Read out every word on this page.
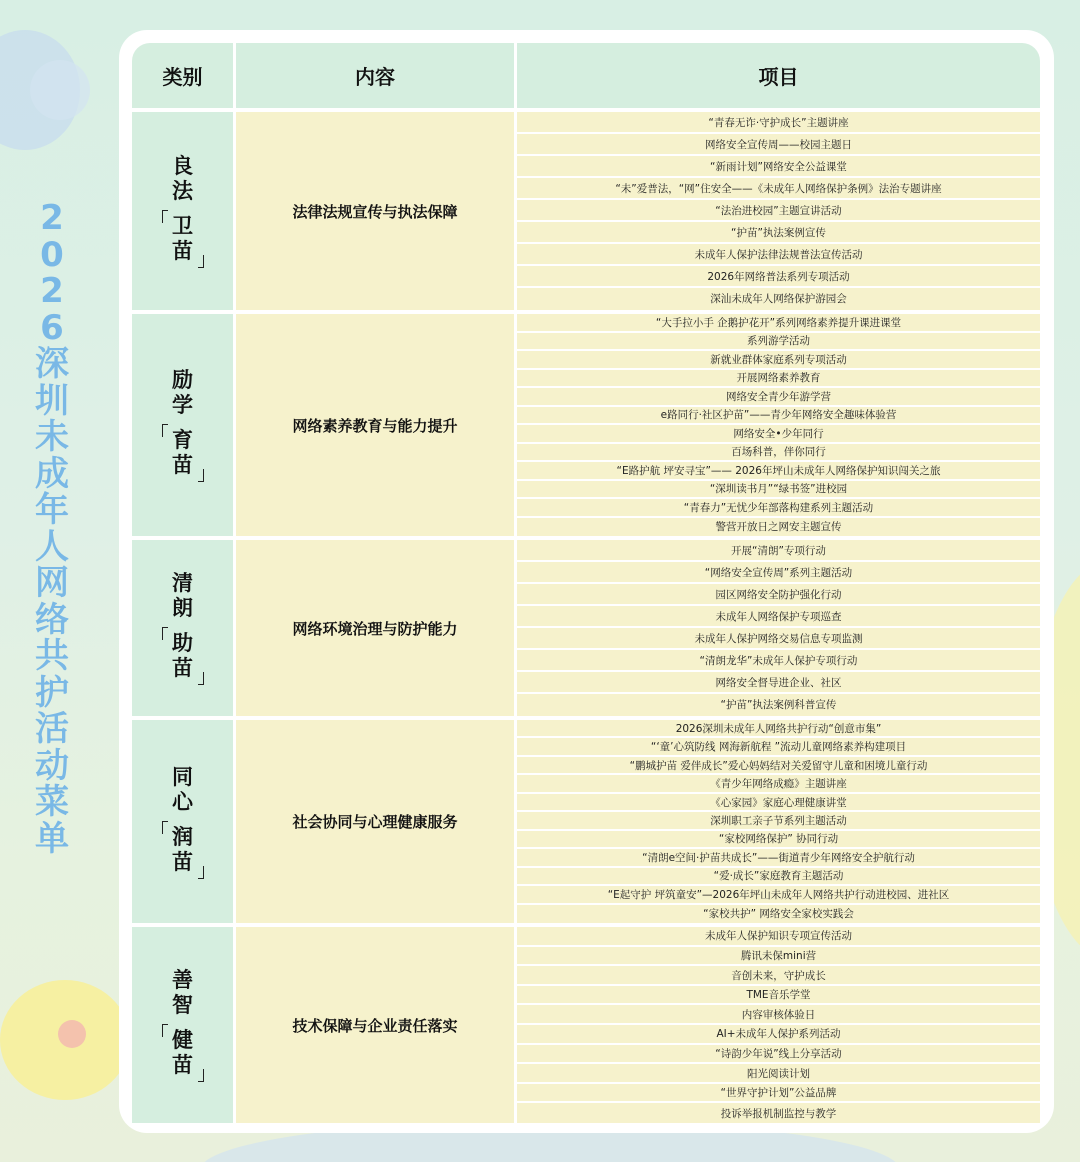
2
0
2
6
深
圳
未
成
年
人
网
络
共
护
活
动
菜
单
类别	内容	项目
良
法
卫
苗
法律法规宣传与执法保障
“青春无诈·守护成长”主题讲座
网络安全宣传周——校园主题日
“新雨计划”网络安全公益课堂
“未”爱普法，“网”住安全——《未成年人网络保护条例》法治专题讲座
“法治进校园”主题宣讲活动
“护苗”执法案例宣传
未成年人保护法律法规普法宣传活动
2026年网络普法系列专项活动
深汕未成年人网络保护游园会
励
学
育
苗
网络素养教育与能力提升
“大手拉小手 企鹅护花开”系列网络素养提升课进课堂
系列游学活动
新就业群体家庭系列专项活动
开展网络素养教育
网络安全青少年游学营
e路同行·社区护苗”——青少年网络安全趣味体验营
网络安全•少年同行
百场科普，伴你同行
“E路护航 坪安寻宝”—— 2026年坪山未成年人网络保护知识闯关之旅
“深圳读书月”“绿书签”进校园
“青春力”无忧少年部落构建系列主题活动
警营开放日之网安主题宣传
清
朗
助
苗
网络环境治理与防护能力
开展“清朗”专项行动
“网络安全宣传周”系列主题活动
园区网络安全防护强化行动
未成年人网络保护专项巡查
未成年人保护网络交易信息专项监测
“清朗龙华”未成年人保护专项行动
网络安全督导进企业、社区
“护苗”执法案例科普宣传
同
心
润
苗
社会协同与心理健康服务
2026深圳未成年人网络共护行动“创意市集”
“‘童’心筑防线 网海新航程 ”流动儿童网络素养构建项目
“鹏城护苗 爱伴成长”爱心妈妈结对关爱留守儿童和困境儿童行动
《青少年网络成瘾》主题讲座
《心家园》家庭心理健康讲堂
深圳职工亲子节系列主题活动
“家校网络保护” 协同行动
“清朗e空间·护苗共成长”——街道青少年网络安全护航行动
“爱·成长”家庭教育主题活动
“E起守护 坪筑童安”—2026年坪山未成年人网络共护行动进校园、进社区
“家校共护” 网络安全家校实践会
善
智
健
苗
技术保障与企业责任落实
未成年人保护知识专项宣传活动
腾讯未保mini营
音创未来，守护成长
TME音乐学堂
内容审核体验日
AI+未成年人保护系列活动
“诗韵少年说”线上分享活动
阳光阅读计划
“世界守护计划”公益品牌
投诉举报机制监控与教学
